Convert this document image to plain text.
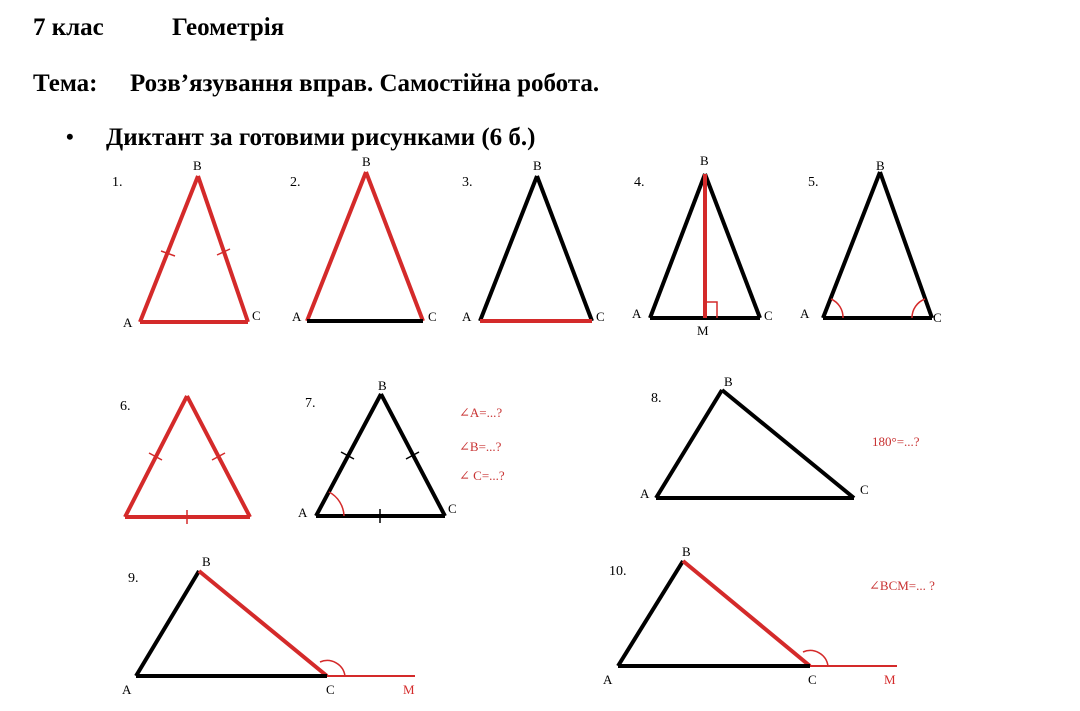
7 клас	Геометрія
Тема: Розв’язування вправ. Самостійна робота.
• Диктант за готовими рисунками (6 б.)
1.
B
A	C
2.
B
A	C
3.
B
A	C
4.
B
A	C
M
5.
B
A	C
6.	7.
B
A	C
∠A=...?
∠B=...?
∠ C=...?
8.
B
A	C
180°=...?
9.
B
A	C	M
10.
B
A	C	M
∠BCM=... ?
